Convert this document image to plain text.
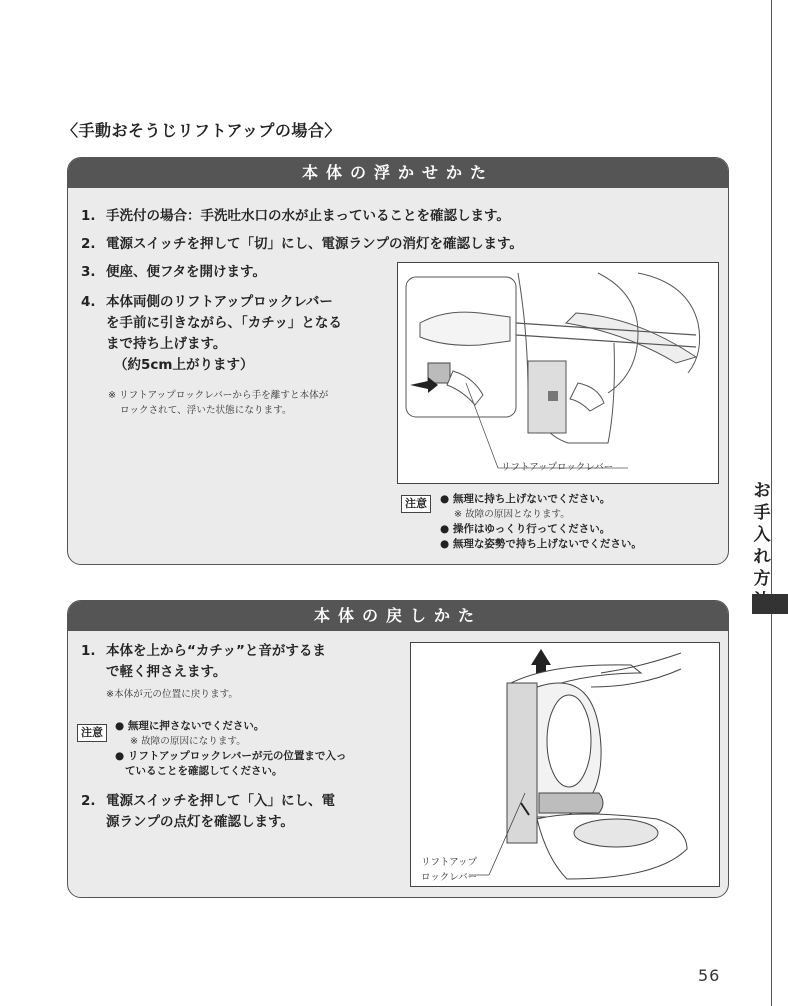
〈手動おそうじリフトアップの場合〉
本体の浮かせかた
1. 手洗付の場合：手洗吐水口の水が止まっていることを確認します。
2. 電源スイッチを押して「切」にし、電源ランプの消灯を確認します。
3. 便座、便フタを開けます。
4. 本体両側のリフトアップロックレバー
を手前に引きながら、「カチッ」となる
まで持ち上げます。
（約5cm上がります）
※ リフトアップロックレバーから手を離すと本体が
ロックされて、浮いた状態になります。
リフトアップロックレバー
注意	● 無理に持ち上げないでください。
※ 故障の原因となります。
● 操作はゆっくり行ってください。
● 無理な姿勢で持ち上げないでください。
お
手
入
れ
方
本体の戻しかた
1. 本体を上から“カチッ”と音がするま
で軽く押さえます。
※本体が元の位置に戻ります。
注意	● 無理に押さないでください。
※ 故障の原因になります。
● リフトアップロックレバーが元の位置まで入っ
ていることを確認してください。
2. 電源スイッチを押して「入」にし、電
源ランプの点灯を確認します。
リフトアップ
ロックレバー
56
